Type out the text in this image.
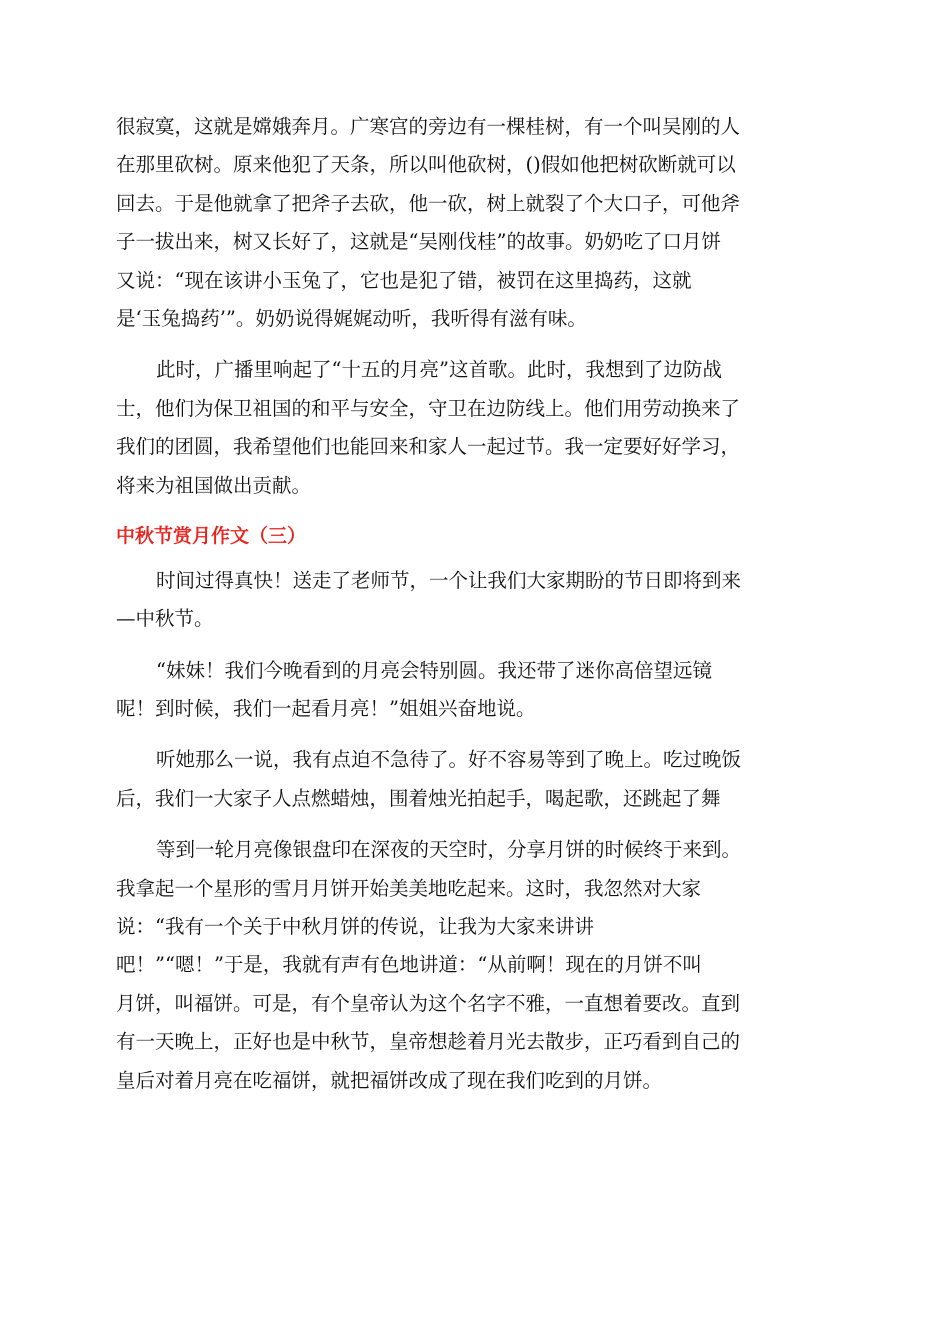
很寂寞，这就是嫦娥奔月。广寒宫的旁边有一棵桂树，有一个叫吴刚的人
在那里砍树。原来他犯了天条，所以叫他砍树，()假如他把树砍断就可以
回去。于是他就拿了把斧子去砍，他一砍，树上就裂了个大口子，可他斧
子一拔出来，树又长好了，这就是“吴刚伐桂”的故事。奶奶吃了口月饼
又说：“现在该讲小玉兔了，它也是犯了错，被罚在这里捣药，这就
是‘玉兔捣药’”。奶奶说得娓娓动听，我听得有滋有味。
此时，广播里响起了“十五的月亮”这首歌。此时，我想到了边防战
士，他们为保卫祖国的和平与安全，守卫在边防线上。他们用劳动换来了
我们的团圆，我希望他们也能回来和家人一起过节。我一定要好好学习，
将来为祖国做出贡献。
中秋节赏月作文（三）
时间过得真快！送走了老师节，一个让我们大家期盼的节日即将到来
—中秋节。
“妹妹！我们今晚看到的月亮会特别圆。我还带了迷你高倍望远镜
呢！到时候，我们一起看月亮！”姐姐兴奋地说。
听她那么一说，我有点迫不急待了。好不容易等到了晚上。吃过晚饭
后，我们一大家子人点燃蜡烛，围着烛光拍起手，喝起歌，还跳起了舞
等到一轮月亮像银盘印在深夜的天空时，分享月饼的时候终于来到。
我拿起一个星形的雪月月饼开始美美地吃起来。这时，我忽然对大家
说：“我有一个关于中秋月饼的传说，让我为大家来讲讲
吧！”“嗯！”于是，我就有声有色地讲道：“从前啊！现在的月饼不叫
月饼，叫福饼。可是，有个皇帝认为这个名字不雅，一直想着要改。直到
有一天晚上，正好也是中秋节，皇帝想趁着月光去散步，正巧看到自己的
皇后对着月亮在吃福饼，就把福饼改成了现在我们吃到的月饼。
